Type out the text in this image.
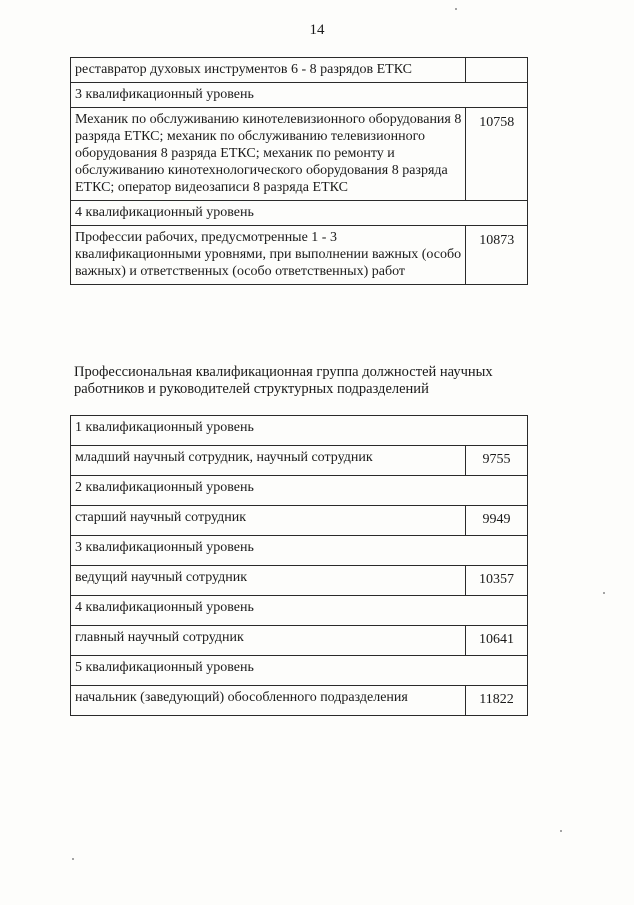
14
реставратор духовых инструментов 6 - 8 разрядов ЕТКС	
3 квалификационный уровень	
Механик по обслуживанию кинотелевизионного оборудования 8 разряда ЕТКС; механик по обслуживанию телевизионного оборудования 8 разряда ЕТКС; механик по ремонту и обслуживанию кинотехнологического оборудования 8 разряда ЕТКС; оператор видеозаписи 8 разряда ЕТКС	10758
4 квалификационный уровень	
Профессии рабочих, предусмотренные 1 - 3 квалификационными уровнями, при выполнении важных (особо важных) и ответственных (особо ответственных) работ	10873
Профессиональная квалификационная группа должностей научных работников и руководителей структурных подразделений
1 квалификационный уровень	
младший научный сотрудник, научный сотрудник	9755
2 квалификационный уровень	
старший научный сотрудник	9949
3 квалификационный уровень	
ведущий научный сотрудник	10357
4 квалификационный уровень	
главный научный сотрудник	10641
5 квалификационный уровень	
начальник (заведующий) обособленного подразделения	11822
